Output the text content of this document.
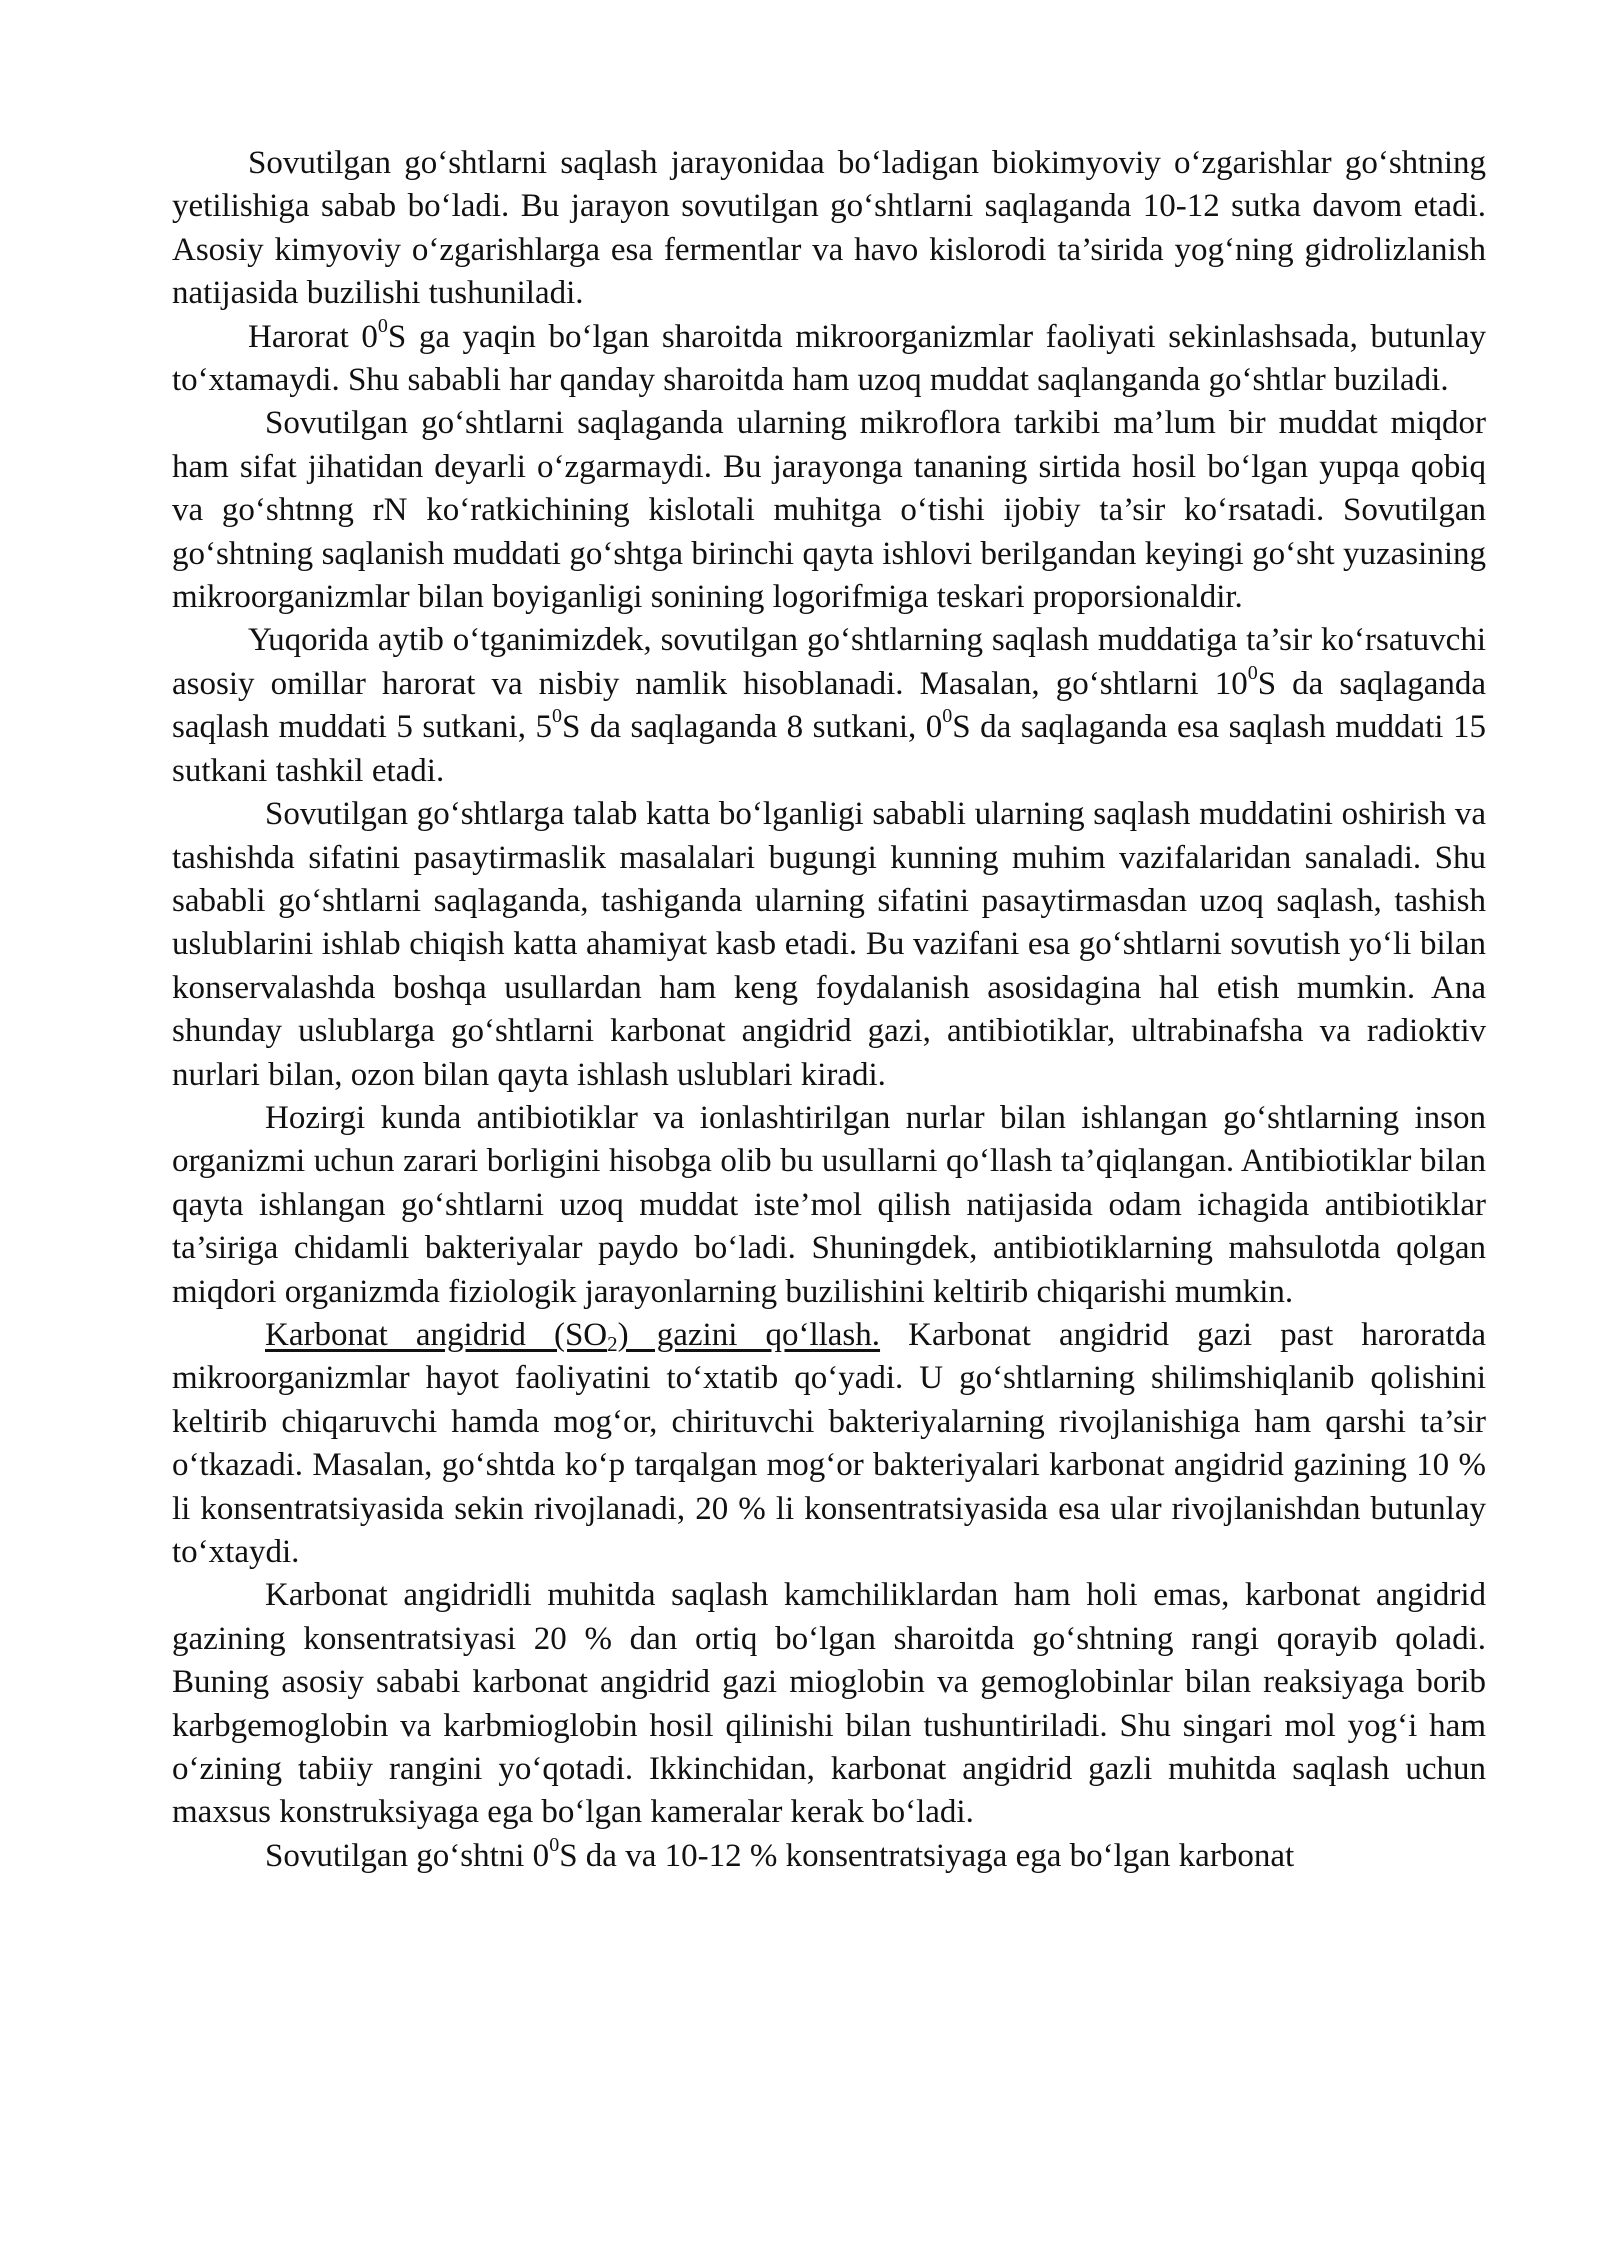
Sovutilgan go‘shtlarni saqlash jarayonidaa bo‘ladigan biokimyoviy o‘zgarishlar go‘shtning yetilishiga sabab bo‘ladi. Bu jarayon sovutilgan go‘shtlarni saqlaganda 10-12 sutka davom etadi. Asosiy kimyoviy o‘zgarishlarga esa fermentlar va havo kislorodi ta’sirida yog‘ning gidrolizlanish natijasida buzilishi tushuniladi.

Harorat $0^0S$ ga yaqin bo‘lgan sharoitda mikroorganizmlar faoliyati sekinlashsada, butunlay to‘xtamaydi. Shu sababli har qanday sharoitda ham uzoq muddat saqlanganda go‘shtlar buziladi.

Sovutilgan go‘shtlarni saqlaganda ularning mikroflora tarkibi ma’lum bir muddat miqdor ham sifat jihatidan deyarli o‘zgarmaydi. Bu jarayonga tananing sirtida hosil bo‘lgan yupqa qobiq va go‘shtnng rN ko‘ratkichining kislotali muhitga o‘tishi ijobiy ta’sir ko‘rsatadi. Sovutilgan go‘shtning saqlanish muddati go‘shtga birinchi qayta ishlovi berilgandan keyingi go‘sht yuzasining mikroorganizmlar bilan boyiganligi sonining logorifmiga teskari proporsionaldir.

Yuqorida aytib o‘tganimizdek, sovutilgan go‘shtlarning saqlash muddatiga ta’sir ko‘rsatuvchi asosiy omillar harorat va nisbiy namlik hisoblanadi. Masalan, go‘shtlarni $10^0S$ da saqlaganda saqlash muddati 5 sutkani, $5^0S$ da saqlaganda 8 sutkani, $0^0S$ da saqlaganda esa saqlash muddati 15 sutkani tashkil etadi.

Sovutilgan go‘shtlarga talab katta bo‘lganligi sababli ularning saqlash muddatini oshirish va tashishda sifatini pasaytirmaslik masalalari bugungi kunning muhim vazifalaridan sanaladi. Shu sababli go‘shtlarni saqlaganda, tashiganda ularning sifatini pasaytirmasdan uzoq saqlash, tashish uslublarini ishlab chiqish katta ahamiyat kasb etadi. Bu vazifani esa go‘shtlarni sovutish yo‘li bilan konservalashda boshqa usullardan ham keng foydalanish asosidagina hal etish mumkin. Ana shunday uslublarga go‘shtlarni karbonat angidrid gazi, antibiotiklar, ultrabinafsha va radioktiv nurlari bilan, ozon bilan qayta ishlash uslublari kiradi.

Hozirgi kunda antibiotiklar va ionlashtirilgan nurlar bilan ishlangan go‘shtlarning inson organizmi uchun zarari borligini hisobga olib bu usullarni qo‘llash ta’qiqlangan. Antibiotiklar bilan qayta ishlangan go‘shtlarni uzoq muddat iste’mol qilish natijasida odam ichagida antibiotiklar ta’siriga chidamli bakteriyalar paydo bo‘ladi. Shuningdek, antibiotiklarning mahsulotda qolgan miqdori organizmda fiziologik jarayonlarning buzilishini keltirib chiqarishi mumkin.

Karbonat angidrid $(SO_2)$ gazini qo‘llash. Karbonat angidrid gazi past haroratda mikroorganizmlar hayot faoliyatini to‘xtatib qo‘yadi. U go‘shtlarning shilimshiqlanib qolishini keltirib chiqaruvchi hamda mog‘or, chirituvchi bakteriyalarning rivojlanishiga ham qarshi ta’sir o‘tkazadi. Masalan, go‘shtda ko‘p tarqalgan mog‘or bakteriyalari karbonat angidrid gazining 10 % li konsentratsiyasida sekin rivojlanadi, 20 % li konsentratsiyasida esa ular rivojlanishdan butunlay to‘xtaydi.

Karbonat angidridli muhitda saqlash kamchiliklardan ham holi emas, karbonat angidrid gazining konsentratsiyasi 20 % dan ortiq bo‘lgan sharoitda go‘shtning rangi qorayib qoladi. Buning asosiy sababi karbonat angidrid gazi mioglobin va gemoglobinlar bilan reaksiyaga borib karbgemoglobin va karbmioglobin hosil qilinishi bilan tushuntiriladi. Shu singari mol yog‘i ham o‘zining tabiiy rangini yo‘qotadi. Ikkinchidan, karbonat angidrid gazli muhitda saqlash uchun maxsus konstruksiyaga ega bo‘lgan kameralar kerak bo‘ladi.

Sovutilgan go‘shtni $0^0S$ da va 10-12 % konsentratsiyaga ega bo‘lgan karbonat
